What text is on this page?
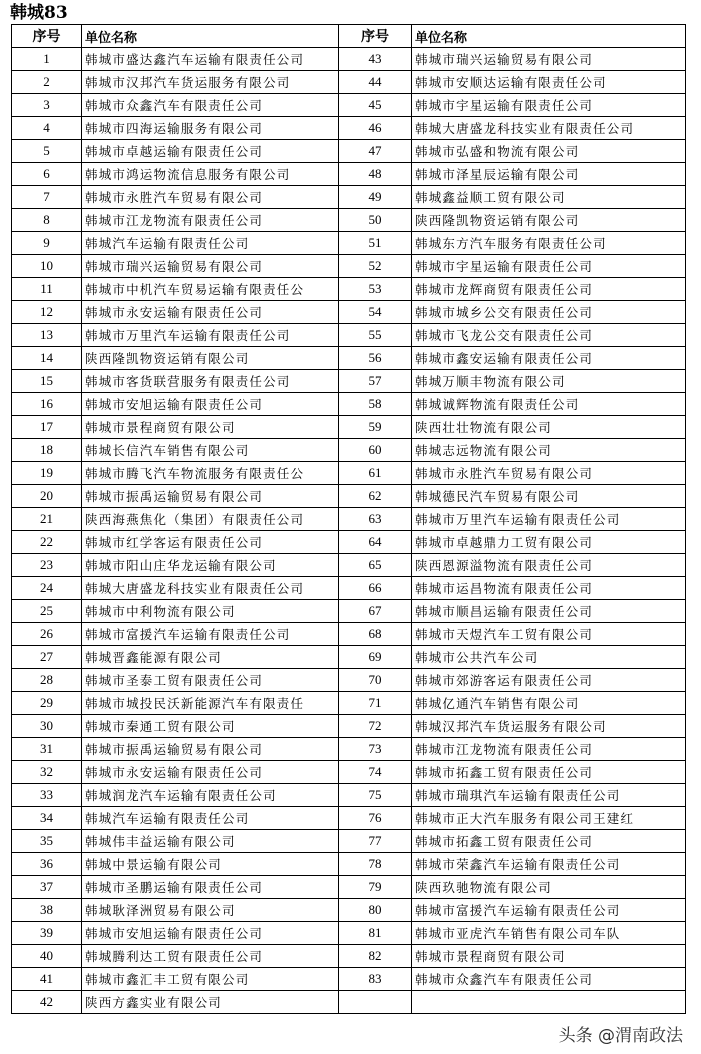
韩城83
序号	单位名称	序号	单位名称
1	韩城市盛达鑫汽车运输有限责任公司	43	韩城市瑞兴运输贸易有限公司
2	韩城市汉邦汽车货运服务有限公司	44	韩城市安顺达运输有限责任公司
3	韩城市众鑫汽车有限责任公司	45	韩城市宇星运输有限责任公司
4	韩城市四海运输服务有限公司	46	韩城大唐盛龙科技实业有限责任公司
5	韩城市卓越运输有限责任公司	47	韩城市弘盛和物流有限公司
6	韩城市鸿运物流信息服务有限公司	48	韩城市泽星辰运输有限公司
7	韩城市永胜汽车贸易有限公司	49	韩城鑫益顺工贸有限公司
8	韩城市江龙物流有限责任公司	50	陕西隆凯物资运销有限公司
9	韩城汽车运输有限责任公司	51	韩城东方汽车服务有限责任公司
10	韩城市瑞兴运输贸易有限公司	52	韩城市宇星运输有限责任公司
11	韩城市中机汽车贸易运输有限责任公	53	韩城市龙辉商贸有限责任公司
12	韩城市永安运输有限责任公司	54	韩城市城乡公交有限责任公司
13	韩城市万里汽车运输有限责任公司	55	韩城市飞龙公交有限责任公司
14	陕西隆凯物资运销有限公司	56	韩城市鑫安运输有限责任公司
15	韩城市客货联营服务有限责任公司	57	韩城万顺丰物流有限公司
16	韩城市安旭运输有限责任公司	58	韩城诚辉物流有限责任公司
17	韩城市景程商贸有限公司	59	陕西壮壮物流有限公司
18	韩城长信汽车销售有限公司	60	韩城志远物流有限公司
19	韩城市腾飞汽车物流服务有限责任公	61	韩城市永胜汽车贸易有限公司
20	韩城市振禹运输贸易有限公司	62	韩城德民汽车贸易有限公司
21	陕西海燕焦化（集团）有限责任公司	63	韩城市万里汽车运输有限责任公司
22	韩城市红学客运有限责任公司	64	韩城市卓越鼎力工贸有限公司
23	韩城市阳山庄华龙运输有限公司	65	陕西恩源溢物流有限责任公司
24	韩城大唐盛龙科技实业有限责任公司	66	韩城市运昌物流有限责任公司
25	韩城市中利物流有限公司	67	韩城市顺昌运输有限责任公司
26	韩城市富援汽车运输有限责任公司	68	韩城市天煜汽车工贸有限公司
27	韩城晋鑫能源有限公司	69	韩城市公共汽车公司
28	韩城市圣泰工贸有限责任公司	70	韩城市郊游客运有限责任公司
29	韩城市城投民沃新能源汽车有限责任	71	韩城亿通汽车销售有限公司
30	韩城市秦通工贸有限公司	72	韩城汉邦汽车货运服务有限公司
31	韩城市振禹运输贸易有限公司	73	韩城市江龙物流有限责任公司
32	韩城市永安运输有限责任公司	74	韩城市拓鑫工贸有限责任公司
33	韩城润龙汽车运输有限责任公司	75	韩城市瑞琪汽车运输有限责任公司
34	韩城汽车运输有限责任公司	76	韩城市正大汽车服务有限公司王建红
35	韩城伟丰益运输有限公司	77	韩城市拓鑫工贸有限责任公司
36	韩城中景运输有限公司	78	韩城市荣鑫汽车运输有限责任公司
37	韩城市圣鹏运输有限责任公司	79	陕西玖驰物流有限公司
38	韩城耿泽洲贸易有限公司	80	韩城市富援汽车运输有限责任公司
39	韩城市安旭运输有限责任公司	81	韩城市亚虎汽车销售有限公司车队
40	韩城腾利达工贸有限责任公司	82	韩城市景程商贸有限公司
41	韩城市鑫汇丰工贸有限公司	83	韩城市众鑫汽车有限责任公司
42	陕西方鑫实业有限公司		
头条 @渭南政法
